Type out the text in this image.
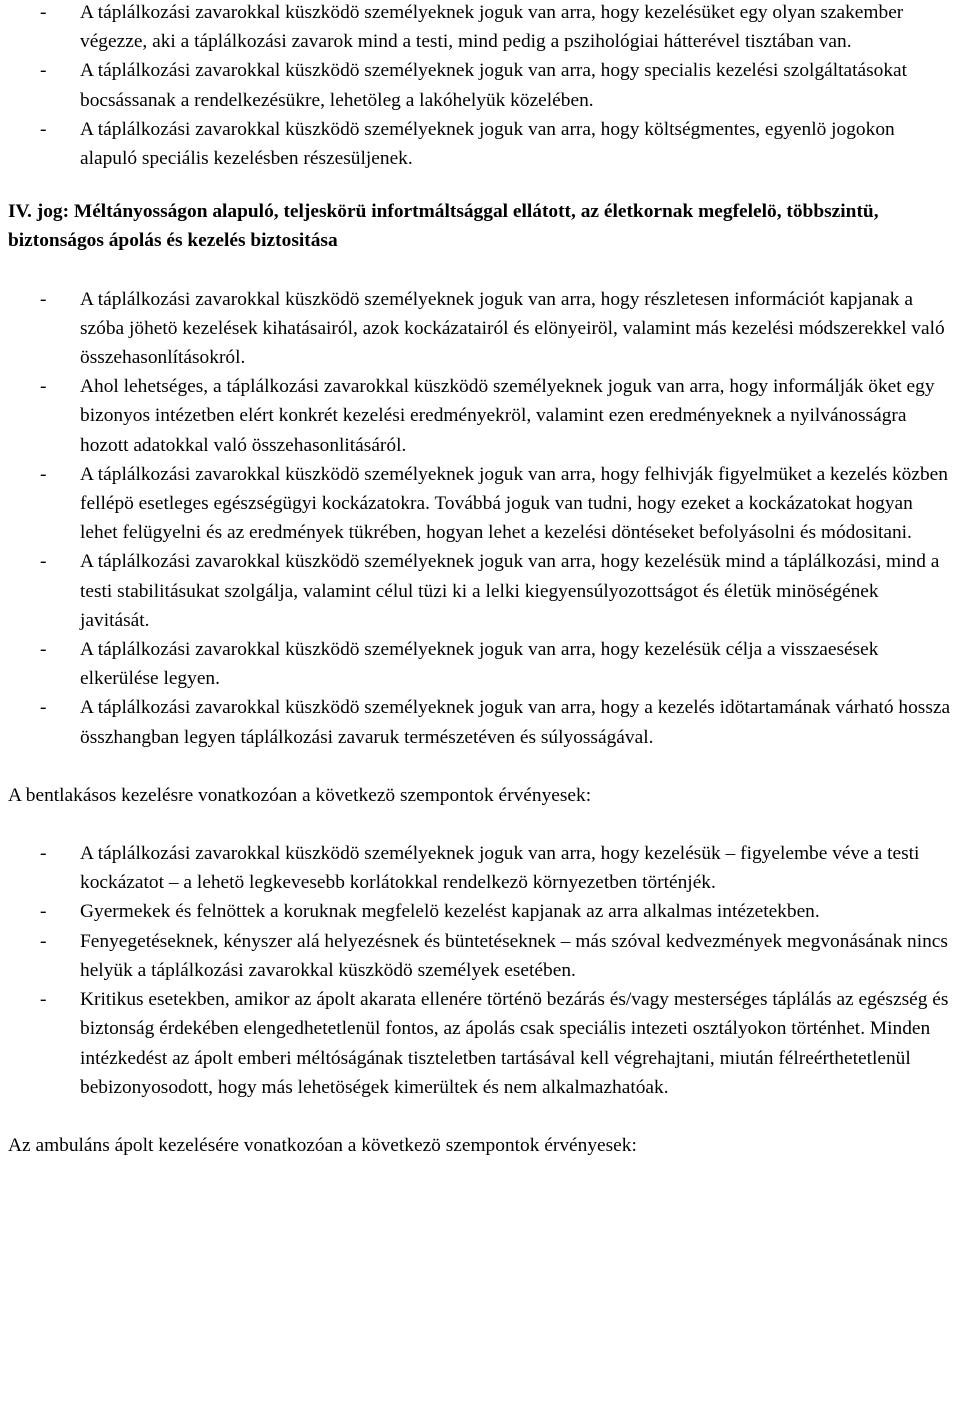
- A táplálkozási zavarokkal küszködö személyeknek joguk van arra, hogy kezelésüket egy olyan szakember végezze, aki a táplálkozási zavarok mind a testi, mind pedig a pszihológiai hátterével tisztában van.
- A táplálkozási zavarokkal küszködö személyeknek joguk van arra, hogy specialis kezelési szolgáltatásokat bocsássanak a rendelkezésükre, lehetöleg a lakóhelyük közelében.
- A táplálkozási zavarokkal küszködö személyeknek joguk van arra, hogy költségmentes, egyenlö jogokon alapuló speciális kezelésben részesüljenek.

IV. jog: Méltányosságon alapuló, teljeskörü infortmáltsággal ellátott, az életkornak megfelelö, többszintü, biztonságos ápolás és kezelés biztositása

- A táplálkozási zavarokkal küszködö személyeknek joguk van arra, hogy részletesen információt kapjanak a szóba jöhetö kezelések kihatásairól, azok kockázatairól és elönyeiröl, valamint más kezelési módszerekkel való összehasonlításokról.
- Ahol lehetséges, a táplálkozási zavarokkal küszködö személyeknek joguk van arra, hogy informálják öket egy bizonyos intézetben elért konkrét kezelési eredményekröl, valamint ezen eredményeknek a nyilvánosságra hozott adatokkal való összehasonlitásáról.
- A táplálkozási zavarokkal küszködö személyeknek joguk van arra, hogy felhivják figyelmüket a kezelés közben fellépö esetleges egészségügyi kockázatokra. Továbbá joguk van tudni, hogy ezeket a kockázatokat hogyan lehet felügyelni és az eredmények tükrében, hogyan lehet a kezelési döntéseket befolyásolni és módositani.
- A táplálkozási zavarokkal küszködö személyeknek joguk van arra, hogy kezelésük mind a táplálkozási, mind a testi stabilitásukat szolgálja, valamint célul tüzi ki a lelki kiegyensúlyozottságot és életük minöségének javitását.
- A táplálkozási zavarokkal küszködö személyeknek joguk van arra, hogy kezelésük célja a visszaesések elkerülése legyen.
- A táplálkozási zavarokkal küszködö személyeknek joguk van arra, hogy a kezelés idötartamának várható hossza összhangban legyen táplálkozási zavaruk természetéven és súlyosságával.

A bentlakásos kezelésre vonatkozóan a következö szempontok érvényesek:

- A táplálkozási zavarokkal küszködö személyeknek joguk van arra, hogy kezelésük – figyelembe véve a testi kockázatot – a lehetö legkevesebb korlátokkal rendelkezö környezetben történjék.
- Gyermekek és felnöttek a koruknak megfelelö kezelést kapjanak az arra alkalmas intézetekben.
- Fenyegetéseknek, kényszer alá helyezésnek és büntetéseknek – más szóval kedvezmények megvonásának nincs helyük a táplálkozási zavarokkal küszködö személyek esetében.
- Kritikus esetekben, amikor az ápolt akarata ellenére történö bezárás és/vagy mesterséges táplálás az egészség és biztonság érdekében elengedhetetlenül fontos, az ápolás csak speciális intezeti osztályokon történhet. Minden intézkedést az ápolt emberi méltóságának tiszteletben tartásával kell végrehajtani, miután félreérthetetlenül bebizonyosodott, hogy más lehetöségek kimerültek és nem alkalmazhatóak.

Az ambuláns ápolt kezelésére vonatkozóan a következö szempontok érvényesek:
